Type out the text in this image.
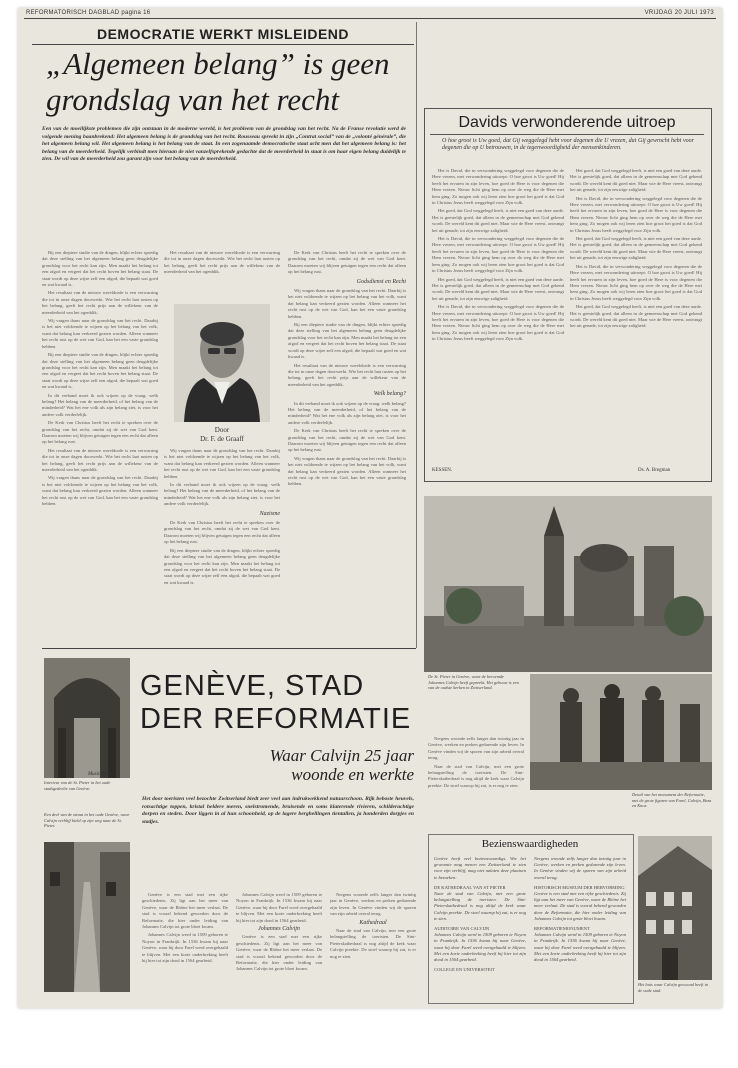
REFORMATORISCH DAGBLAD pagina 16	VRIJDAG 20 JULI 1973
DEMOCRATIE WERKT MISLEIDEND
„Algemeen belang” is geen grondslag van het recht
Een van de moeilijkste problemen die zijn ontstaan in de moderne wereld, is het probleem van de grondslag van het recht. Na de Franse revolutie werd de volgende mening baanbrekend: Het algemeen belang is de grondslag van het recht. Rousseau spreekt in zijn „Contrat social” van de „volonté générale”, die het algemeen belang wil. Het algemeen belang is het belang van de staat. In een zogenaamde democratische staat acht men dat het algemeen belang is: het belang van de meerderheid. Tegelijk verbindt men hieraan de niet vanzelfsprekende gedachte dat de meerderheid in staat is om haar eigen belang duidelijk te zien. De wil van de meerderheid zou garant zijn voor het belang van de meerderheid.

Bij een dieptere studie van de dingen, blijkt echter spoedig dat deze stelling van het algemeen belang geen deugdelijke grondslag voor het recht kan zijn. Men maakt het belang tot een afgod en vergeet dat het recht boven het belang staat. De staat wordt op deze wijze zelf een afgod, die bepaalt wat goed en wat kwaad is.

Het resultaat van de nieuwe wereldorde is een verwarring die tot in onze dagen doorwerkt. Wie het recht laat rusten op het belang, geeft het recht prijs aan de willekeur van de meerderheid van het ogenblik.

Wij vragen thans naar de grondslag van het recht. Daarbij is het niet voldoende te wijzen op het belang van het volk, want dat belang kan verkeerd gezien worden. Alleen wanneer het recht rust op de wet van God, kan het een vaste grondslag hebben.

Bij een dieptere studie van de dingen, blijkt echter spoedig dat deze stelling van het algemeen belang geen deugdelijke grondslag voor het recht kan zijn. Men maakt het belang tot een afgod en vergeet dat het recht boven het belang staat. De staat wordt op deze wijze zelf een afgod, die bepaalt wat goed en wat kwaad is.

In dit verband moet ik ook wijzen op de vraag: welk belang? Het belang van de meerderheid, of het belang van de minderheid? Wat het ene volk als zijn belang ziet, is voor het andere volk verderfelijk.

De Kerk van Christus heeft het recht te spreken over de grondslag van het recht, omdat zij de wet van God kent. Daarom moeten wij blijven getuigen tegen een recht dat alleen op het belang rust.

Het resultaat van de nieuwe wereldorde is een verwarring die tot in onze dagen doorwerkt. Wie het recht laat rusten op het belang, geeft het recht prijs aan de willekeur van de meerderheid van het ogenblik.

Wij vragen thans naar de grondslag van het recht. Daarbij is het niet voldoende te wijzen op het belang van het volk, want dat belang kan verkeerd gezien worden. Alleen wanneer het recht rust op de wet van God, kan het een vaste grondslag hebben.

Het resultaat van de nieuwe wereldorde is een verwarring die tot in onze dagen doorwerkt. Wie het recht laat rusten op het belang, geeft het recht prijs aan de willekeur van de meerderheid van het ogenblik.

Door
Dr. F. de Graaff

Wij vragen thans naar de grondslag van het recht. Daarbij is het niet voldoende te wijzen op het belang van het volk, want dat belang kan verkeerd gezien worden. Alleen wanneer het recht rust op de wet van God, kan het een vaste grondslag hebben.

In dit verband moet ik ook wijzen op de vraag: welk belang? Het belang van de meerderheid, of het belang van de minderheid? Wat het ene volk als zijn belang ziet, is voor het andere volk verderfelijk.

Nazisme

De Kerk van Christus heeft het recht te spreken over de grondslag van het recht, omdat zij de wet van God kent. Daarom moeten wij blijven getuigen tegen een recht dat alleen op het belang rust.

Bij een dieptere studie van de dingen, blijkt echter spoedig dat deze stelling van het algemeen belang geen deugdelijke grondslag voor het recht kan zijn. Men maakt het belang tot een afgod en vergeet dat het recht boven het belang staat. De staat wordt op deze wijze zelf een afgod, die bepaalt wat goed en wat kwaad is.

De Kerk van Christus heeft het recht te spreken over de grondslag van het recht, omdat zij de wet van God kent. Daarom moeten wij blijven getuigen tegen een recht dat alleen op het belang rust.

Godsdienst en Recht

Wij vragen thans naar de grondslag van het recht. Daarbij is het niet voldoende te wijzen op het belang van het volk, want dat belang kan verkeerd gezien worden. Alleen wanneer het recht rust op de wet van God, kan het een vaste grondslag hebben.

Bij een dieptere studie van de dingen, blijkt echter spoedig dat deze stelling van het algemeen belang geen deugdelijke grondslag voor het recht kan zijn. Men maakt het belang tot een afgod en vergeet dat het recht boven het belang staat. De staat wordt op deze wijze zelf een afgod, die bepaalt wat goed en wat kwaad is.

Het resultaat van de nieuwe wereldorde is een verwarring die tot in onze dagen doorwerkt. Wie het recht laat rusten op het belang, geeft het recht prijs aan de willekeur van de meerderheid van het ogenblik.

Welk belang?

In dit verband moet ik ook wijzen op de vraag: welk belang? Het belang van de meerderheid, of het belang van de minderheid? Wat het ene volk als zijn belang ziet, is voor het andere volk verderfelijk.

De Kerk van Christus heeft het recht te spreken over de grondslag van het recht, omdat zij de wet van God kent. Daarom moeten wij blijven getuigen tegen een recht dat alleen op het belang rust.

Wij vragen thans naar de grondslag van het recht. Daarbij is het niet voldoende te wijzen op het belang van het volk, want dat belang kan verkeerd gezien worden. Alleen wanneer het recht rust op de wet van God, kan het een vaste grondslag hebben.

Davids verwonderende uitroep
O hoe groot is Uw goed, dat Gij weggelegd hebt voor degenen die U vrezen, dat Gij gewrocht hebt voor degenen die op U betrouwen, in de tegenwoordigheid der mensenkinderen.

Het is David, die in verwondering weggelegd voor degenen die de Here vrezen, met verwondering uitroept: O hoe groot is Uw goed! Hij heeft het ervaren in zijn leven, hoe goed de Here is voor degenen die Hem vrezen. Nieuw licht ging hem op over de weg die de Here met hem ging. Zo mogen ook wij leren zien hoe groot het goed is dat God in Christus Jezus heeft weggelegd voor Zijn volk.

Het goed, dat God weggelegd heeft, is niet een goed van deze aarde. Het is geestelijk goed, dat alleen in de gemeenschap met God gekend wordt. De wereld kent dit goed niet. Maar wie de Here vreest, ontvangt het uit genade, tot zijn eeuwige zaligheid.

Het is David, die in verwondering weggelegd voor degenen die de Here vrezen, met verwondering uitroept: O hoe groot is Uw goed! Hij heeft het ervaren in zijn leven, hoe goed de Here is voor degenen die Hem vrezen. Nieuw licht ging hem op over de weg die de Here met hem ging. Zo mogen ook wij leren zien hoe groot het goed is dat God in Christus Jezus heeft weggelegd voor Zijn volk.

Het goed, dat God weggelegd heeft, is niet een goed van deze aarde. Het is geestelijk goed, dat alleen in de gemeenschap met God gekend wordt. De wereld kent dit goed niet. Maar wie de Here vreest, ontvangt het uit genade, tot zijn eeuwige zaligheid.

Het is David, die in verwondering weggelegd voor degenen die de Here vrezen, met verwondering uitroept: O hoe groot is Uw goed! Hij heeft het ervaren in zijn leven, hoe goed de Here is voor degenen die Hem vrezen. Nieuw licht ging hem op over de weg die de Here met hem ging. Zo mogen ook wij leren zien hoe groot het goed is dat God in Christus Jezus heeft weggelegd voor Zijn volk.

Het goed, dat God weggelegd heeft, is niet een goed van deze aarde. Het is geestelijk goed, dat alleen in de gemeenschap met God gekend wordt. De wereld kent dit goed niet. Maar wie de Here vreest, ontvangt het uit genade, tot zijn eeuwige zaligheid.

Het is David, die in verwondering weggelegd voor degenen die de Here vrezen, met verwondering uitroept: O hoe groot is Uw goed! Hij heeft het ervaren in zijn leven, hoe goed de Here is voor degenen die Hem vrezen. Nieuw licht ging hem op over de weg die de Here met hem ging. Zo mogen ook wij leren zien hoe groot het goed is dat God in Christus Jezus heeft weggelegd voor Zijn volk.

Het goed, dat God weggelegd heeft, is niet een goed van deze aarde. Het is geestelijk goed, dat alleen in de gemeenschap met God gekend wordt. De wereld kent dit goed niet. Maar wie de Here vreest, ontvangt het uit genade, tot zijn eeuwige zaligheid.

Het is David, die in verwondering weggelegd voor degenen die de Here vrezen, met verwondering uitroept: O hoe groot is Uw goed! Hij heeft het ervaren in zijn leven, hoe goed de Here is voor degenen die Hem vrezen. Nieuw licht ging hem op over de weg die de Here met hem ging. Zo mogen ook wij leren zien hoe groot het goed is dat God in Christus Jezus heeft weggelegd voor Zijn volk.

Het goed, dat God weggelegd heeft, is niet een goed van deze aarde. Het is geestelijk goed, dat alleen in de gemeenschap met God gekend wordt. De wereld kent dit goed niet. Maar wie de Here vreest, ontvangt het uit genade, tot zijn eeuwige zaligheid.

KESSEN.	Ds. A. Bregman
De St. Pieter in Genève, waar de beroemde Johannes Calvijn heeft gepreekt. Het gebouw is een van de oudste kerken in Zwitserland.
Detail van het monument der Reformatie, met de grote figuren van Farel, Calvijn, Beza en Knox.
Interieur van de St. Pieter in het oude stadsgedeelte van Genève.
Een deel van de straat in het oude Genève, waar Calvijn verblijf hield op zijn weg naar de St. Pieter.
GENÈVE, STAD
DER REFORMATIE
Waar Calvijn 25 jaar
woonde en werkte
Het door toeristen veel bezochte Zwitserland biedt zeer veel aan indrukwekkend natuurschoon. Rijk beboste heuvels, rotsachtige toppen, kristal heldere meren, snelstromende, bruisende en soms klaterende rivieren, schilderachtige dorpen en steden. Door liggen in al hun schoonheid, op de lagere berghellingen tientallen, ja honderden dorpjes en stadjes.

Genève is een stad met een rijke geschiedenis. Zij ligt aan het meer van Genève, waar de Rhône het meer verlaat. De stad is vooral bekend geworden door de Reformatie, die hier onder leiding van Johannes Calvijn tot grote bloei kwam.

Johannes Calvijn werd in 1509 geboren te Noyon in Frankrijk. In 1536 kwam hij naar Genève, waar hij door Farel werd overgehaald te blijven. Met een korte onderbreking heeft hij hier tot zijn dood in 1564 gearbeid.

Johannes Calvijn werd in 1509 geboren te Noyon in Frankrijk. In 1536 kwam hij naar Genève, waar hij door Farel werd overgehaald te blijven. Met een korte onderbreking heeft hij hier tot zijn dood in 1564 gearbeid.

Johannes Calvijn

Genève is een stad met een rijke geschiedenis. Zij ligt aan het meer van Genève, waar de Rhône het meer verlaat. De stad is vooral bekend geworden door de Reformatie, die hier onder leiding van Johannes Calvijn tot grote bloei kwam.

Nergens woonde zelfs langer dan twintig jaar in Genève, werken en preken gedurende zijn leven. In Genève vinden wij de sporen van zijn arbeid overal terug.

Kathedraal

Naar de stad van Calvijn, met een grote belangstelling de toeristen. De Sint-Pieterskathedraal is nog altijd de kerk waar Calvijn preekte. De stoel waarop hij zat, is er nog te zien.

Nergens woonde zelfs langer dan twintig jaar in Genève, werken en preken gedurende zijn leven. In Genève vinden wij de sporen van zijn arbeid overal terug.

Naar de stad van Calvijn, met een grote belangstelling de toeristen. De Sint-Pieterskathedraal is nog altijd de kerk waar Calvijn preekte. De stoel waarop hij zat, is er nog te zien.

Bezienswaardigheden
Genève heeft veel bezienswaardigs. Wie het gewoonte mag menen een Zwitserland te zien voor zijn verblijf, mag niet nalaten deze plaatsen te bezoeken:
DE KATHEDRAAL VAN ST PIETER
Naar de stad van Calvijn, met een grote belangstelling de toeristen. De Sint-Pieterskathedraal is nog altijd de kerk waar Calvijn preekte. De stoel waarop hij zat, is er nog te zien.
AUDITOIRE VAN CALVIJN
Johannes Calvijn werd in 1509 geboren te Noyon in Frankrijk. In 1536 kwam hij naar Genève, waar hij door Farel werd overgehaald te blijven. Met een korte onderbreking heeft hij hier tot zijn dood in 1564 gearbeid.
COLLEGE EN UNIVERSITEIT
Nergens woonde zelfs langer dan twintig jaar in Genève, werken en preken gedurende zijn leven. In Genève vinden wij de sporen van zijn arbeid overal terug.
HISTORISCH MUSEUM DER HERVORMING
Genève is een stad met een rijke geschiedenis. Zij ligt aan het meer van Genève, waar de Rhône het meer verlaat. De stad is vooral bekend geworden door de Reformatie, die hier onder leiding van Johannes Calvijn tot grote bloei kwam.
REFORMATIEMONUMENT
Johannes Calvijn werd in 1509 geboren te Noyon in Frankrijk. In 1536 kwam hij naar Genève, waar hij door Farel werd overgehaald te blijven. Met een korte onderbreking heeft hij hier tot zijn dood in 1564 gearbeid.
Het huis waar Calvijn gewoond heeft in de oude stad.
Musicplein
